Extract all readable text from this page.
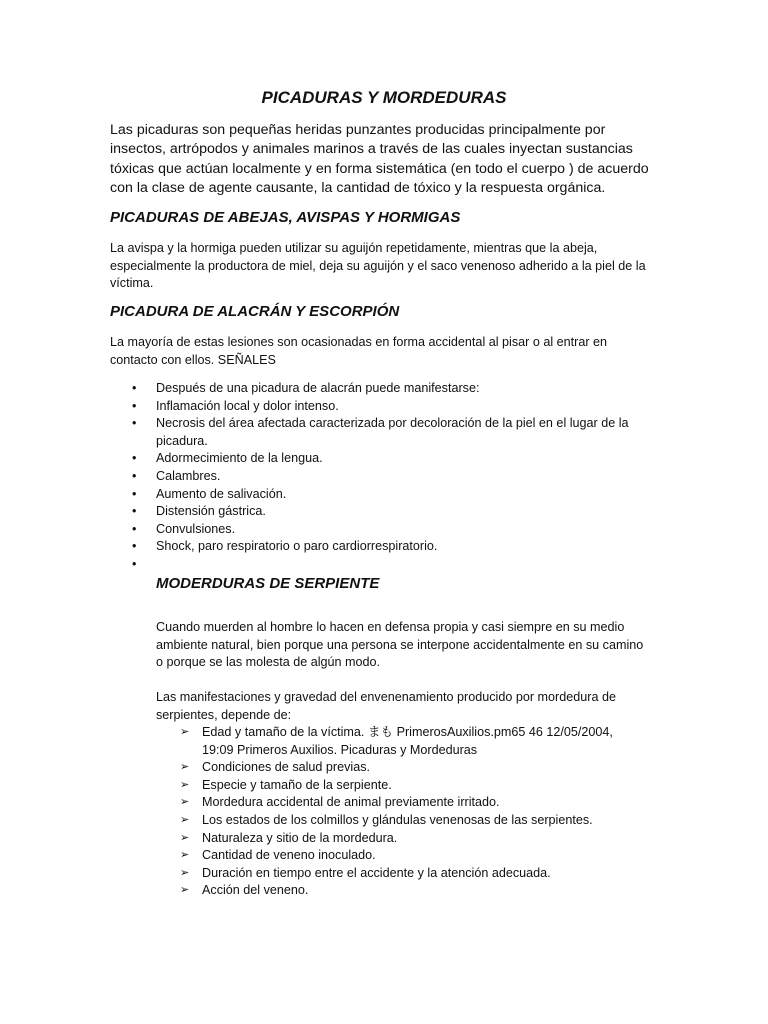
PICADURAS Y MORDEDURAS

Las picaduras son pequeñas heridas punzantes producidas principalmente por insectos, artrópodos y animales marinos a través de las cuales inyectan sustancias tóxicas que actúan localmente y en forma sistemática (en todo el cuerpo ) de acuerdo con la clase de agente causante, la cantidad de tóxico y la respuesta orgánica.

PICADURAS DE ABEJAS, AVISPAS Y HORMIGAS

La avispa y la hormiga pueden utilizar su aguijón repetidamente, mientras que la abeja, especialmente la productora de miel, deja su aguijón y el saco venenoso adherido a la piel de la víctima.

PICADURA DE ALACRÁN Y ESCORPIÓN

La mayoría de estas lesiones son ocasionadas en forma accidental al pisar o al entrar en contacto con ellos. SEÑALES

• Después de una picadura de alacrán puede manifestarse:
• Inflamación local y dolor intenso.
• Necrosis del área afectada caracterizada por decoloración de la piel en el lugar de la picadura.
• Adormecimiento de la lengua.
• Calambres.
• Aumento de salivación.
• Distensión gástrica.
• Convulsiones.
• Shock, paro respiratorio o paro cardiorrespiratorio.
•

MODERDURAS DE SERPIENTE

Cuando muerden al hombre lo hacen en defensa propia y casi siempre en su medio ambiente natural, bien porque una persona se interpone accidentalmente en su camino o porque se las molesta de algún modo.

Las manifestaciones y gravedad del envenenamiento producido por mordedura de serpientes, depende de:

➢ Edad y tamaño de la víctima. まも PrimerosAuxilios.pm65 46 12/05/2004, 19:09 Primeros Auxilios. Picaduras y Mordeduras
➢ Condiciones de salud previas.
➢ Especie y tamaño de la serpiente.
➢ Mordedura accidental de animal previamente irritado.
➢ Los estados de los colmillos y glándulas venenosas de las serpientes.
➢ Naturaleza y sitio de la mordedura.
➢ Cantidad de veneno inoculado.
➢ Duración en tiempo entre el accidente y la atención adecuada.
➢ Acción del veneno.
